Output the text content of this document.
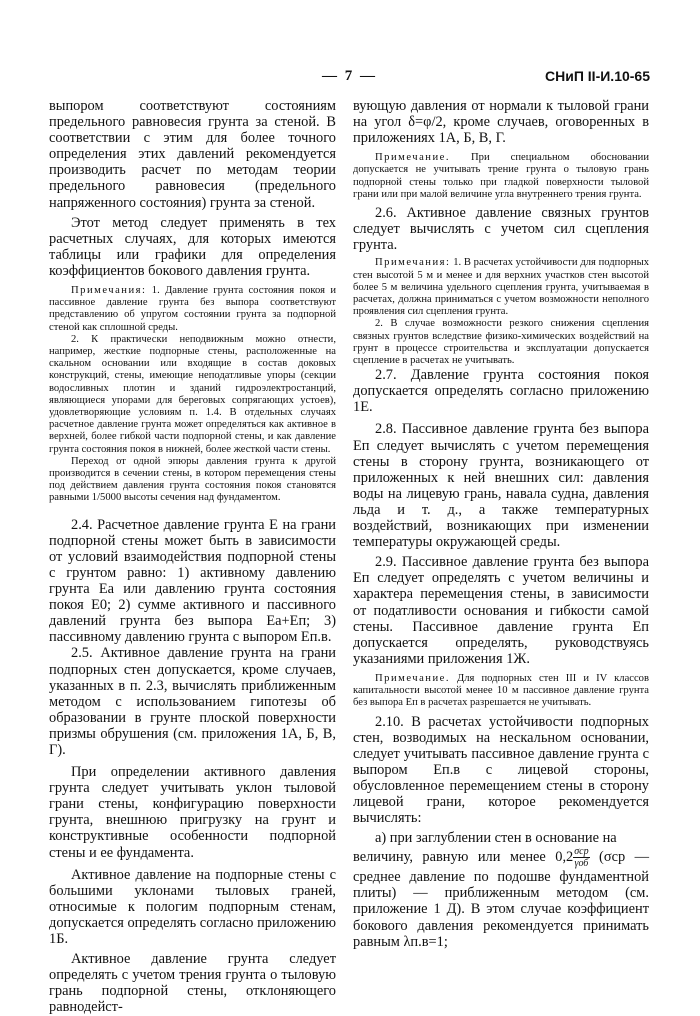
— 7 —	СНиП II-И.10-65

выпором соответствуют состояниям предельного равновесия грунта за стеной. В соответствии с этим для более точного определения этих давлений рекомендуется производить расчет по методам теории предельного равновесия (предельного напряженного состояния) грунта за стеной.

Этот метод следует применять в тех расчетных случаях, для которых имеются таблицы или графики для определения коэффициентов бокового давления грунта.

Примечания: 1. Давление грунта состояния покоя и пассивное давление грунта без выпора соответствуют представлению об упругом состоянии грунта за подпорной стеной как сплошной среды.

2. К практически неподвижным можно отнести, например, жесткие подпорные стены, расположенные на скальном основании или входящие в состав доковых конструкций, стены, имеющие неподатливые упоры (секции водосливных плотин и зданий гидроэлектростанций, являющиеся упорами для береговых сопрягающих устоев), удовлетворяющие условиям п. 1.4. В отдельных случаях расчетное давление грунта может определяться как активное в верхней, более гибкой части подпорной стены, и как давление грунта состояния покоя в нижней, более жесткой части стены.

Переход от одной эпюры давления грунта к другой производится в сечении стены, в котором перемещения стены под действием давления грунта состояния покоя становятся равными 1/5000 высоты сечения над фундаментом.

2.4. Расчетное давление грунта E на грани подпорной стены может быть в зависимости от условий взаимодействия подпорной стены с грунтом равно: 1) активному давлению грунта Eа или давлению грунта состояния покоя E0; 2) сумме активного и пассивного давлений грунта без выпора Eа+Eп; 3) пассивному давлению грунта с выпором Eп.в.

2.5. Активное давление грунта на грани подпорных стен допускается, кроме случаев, указанных в п. 2.3, вычислять приближенным методом с использованием гипотезы об образовании в грунте плоской поверхности призмы обрушения (см. приложения 1А, Б, В, Г).

При определении активного давления грунта следует учитывать уклон тыловой грани стены, конфигурацию поверхности грунта, внешнюю пригрузку на грунт и конструктивные особенности подпорной стены и ее фундамента.

Активное давление на подпорные стены с большими уклонами тыловых граней, относимые к пологим подпорным стенам, допускается определять согласно приложению 1Б.

Активное давление грунта следует определять с учетом трения грунта о тыловую грань подпорной стены, отклоняющего равнодейст-

вующую давления от нормали к тыловой грани на угол δ=φ/2, кроме случаев, оговоренных в приложениях 1А, Б, В, Г.

Примечание. При специальном обосновании допускается не учитывать трение грунта о тыловую грань подпорной стены только при гладкой поверхности тыловой грани или при малой величине угла внутреннего трения грунта.

2.6. Активное давление связных грунтов следует вычислять с учетом сил сцепления грунта.

Примечания: 1. В расчетах устойчивости для подпорных стен высотой 5 м и менее и для верхних участков стен высотой более 5 м величина удельного сцепления грунта, учитываемая в расчетах, должна приниматься с учетом возможности неполного проявления сил сцепления грунта.

2. В случае возможности резкого снижения сцепления связных грунтов вследствие физико-химических воздействий на грунт в процессе строительства и эксплуатации допускается сцепление в расчетах не учитывать.

2.7. Давление грунта состояния покоя допускается определять согласно приложению 1Е.

2.8. Пассивное давление грунта без выпора Eп следует вычислять с учетом перемещения стены в сторону грунта, возникающего от приложенных к ней внешних сил: давления воды на лицевую грань, навала судна, давления льда и т. д., а также температурных воздействий, возникающих при изменении температуры окружающей среды.

2.9. Пассивное давление грунта без выпора Eп следует определять с учетом величины и характера перемещения стены, в зависимости от податливости основания и гибкости самой стены. Пассивное давление грунта Eп допускается определять, руководствуясь указаниями приложения 1Ж.

Примечание. Для подпорных стен III и IV классов капитальности высотой менее 10 м пассивное давление грунта без выпора Eп в расчетах разрешается не учитывать.

2.10. В расчетах устойчивости подпорных стен, возводимых на нескальном основании, следует учитывать пассивное давление грунта с выпором Eп.в с лицевой стороны, обусловленное перемещением стены в сторону лицевой грани, которое рекомендуется вычислять:

а) при заглублении стен в основание на

величину, равную или менее $0,2 \frac{\text{σср}}{\text{γоб}} (\sigma ср$ — среднее давление по подошве фундаментной плиты) — приближенным методом (см. приложение 1 Д). В этом случае коэффициент бокового давления рекомендуется принимать равным λп.в=1;
